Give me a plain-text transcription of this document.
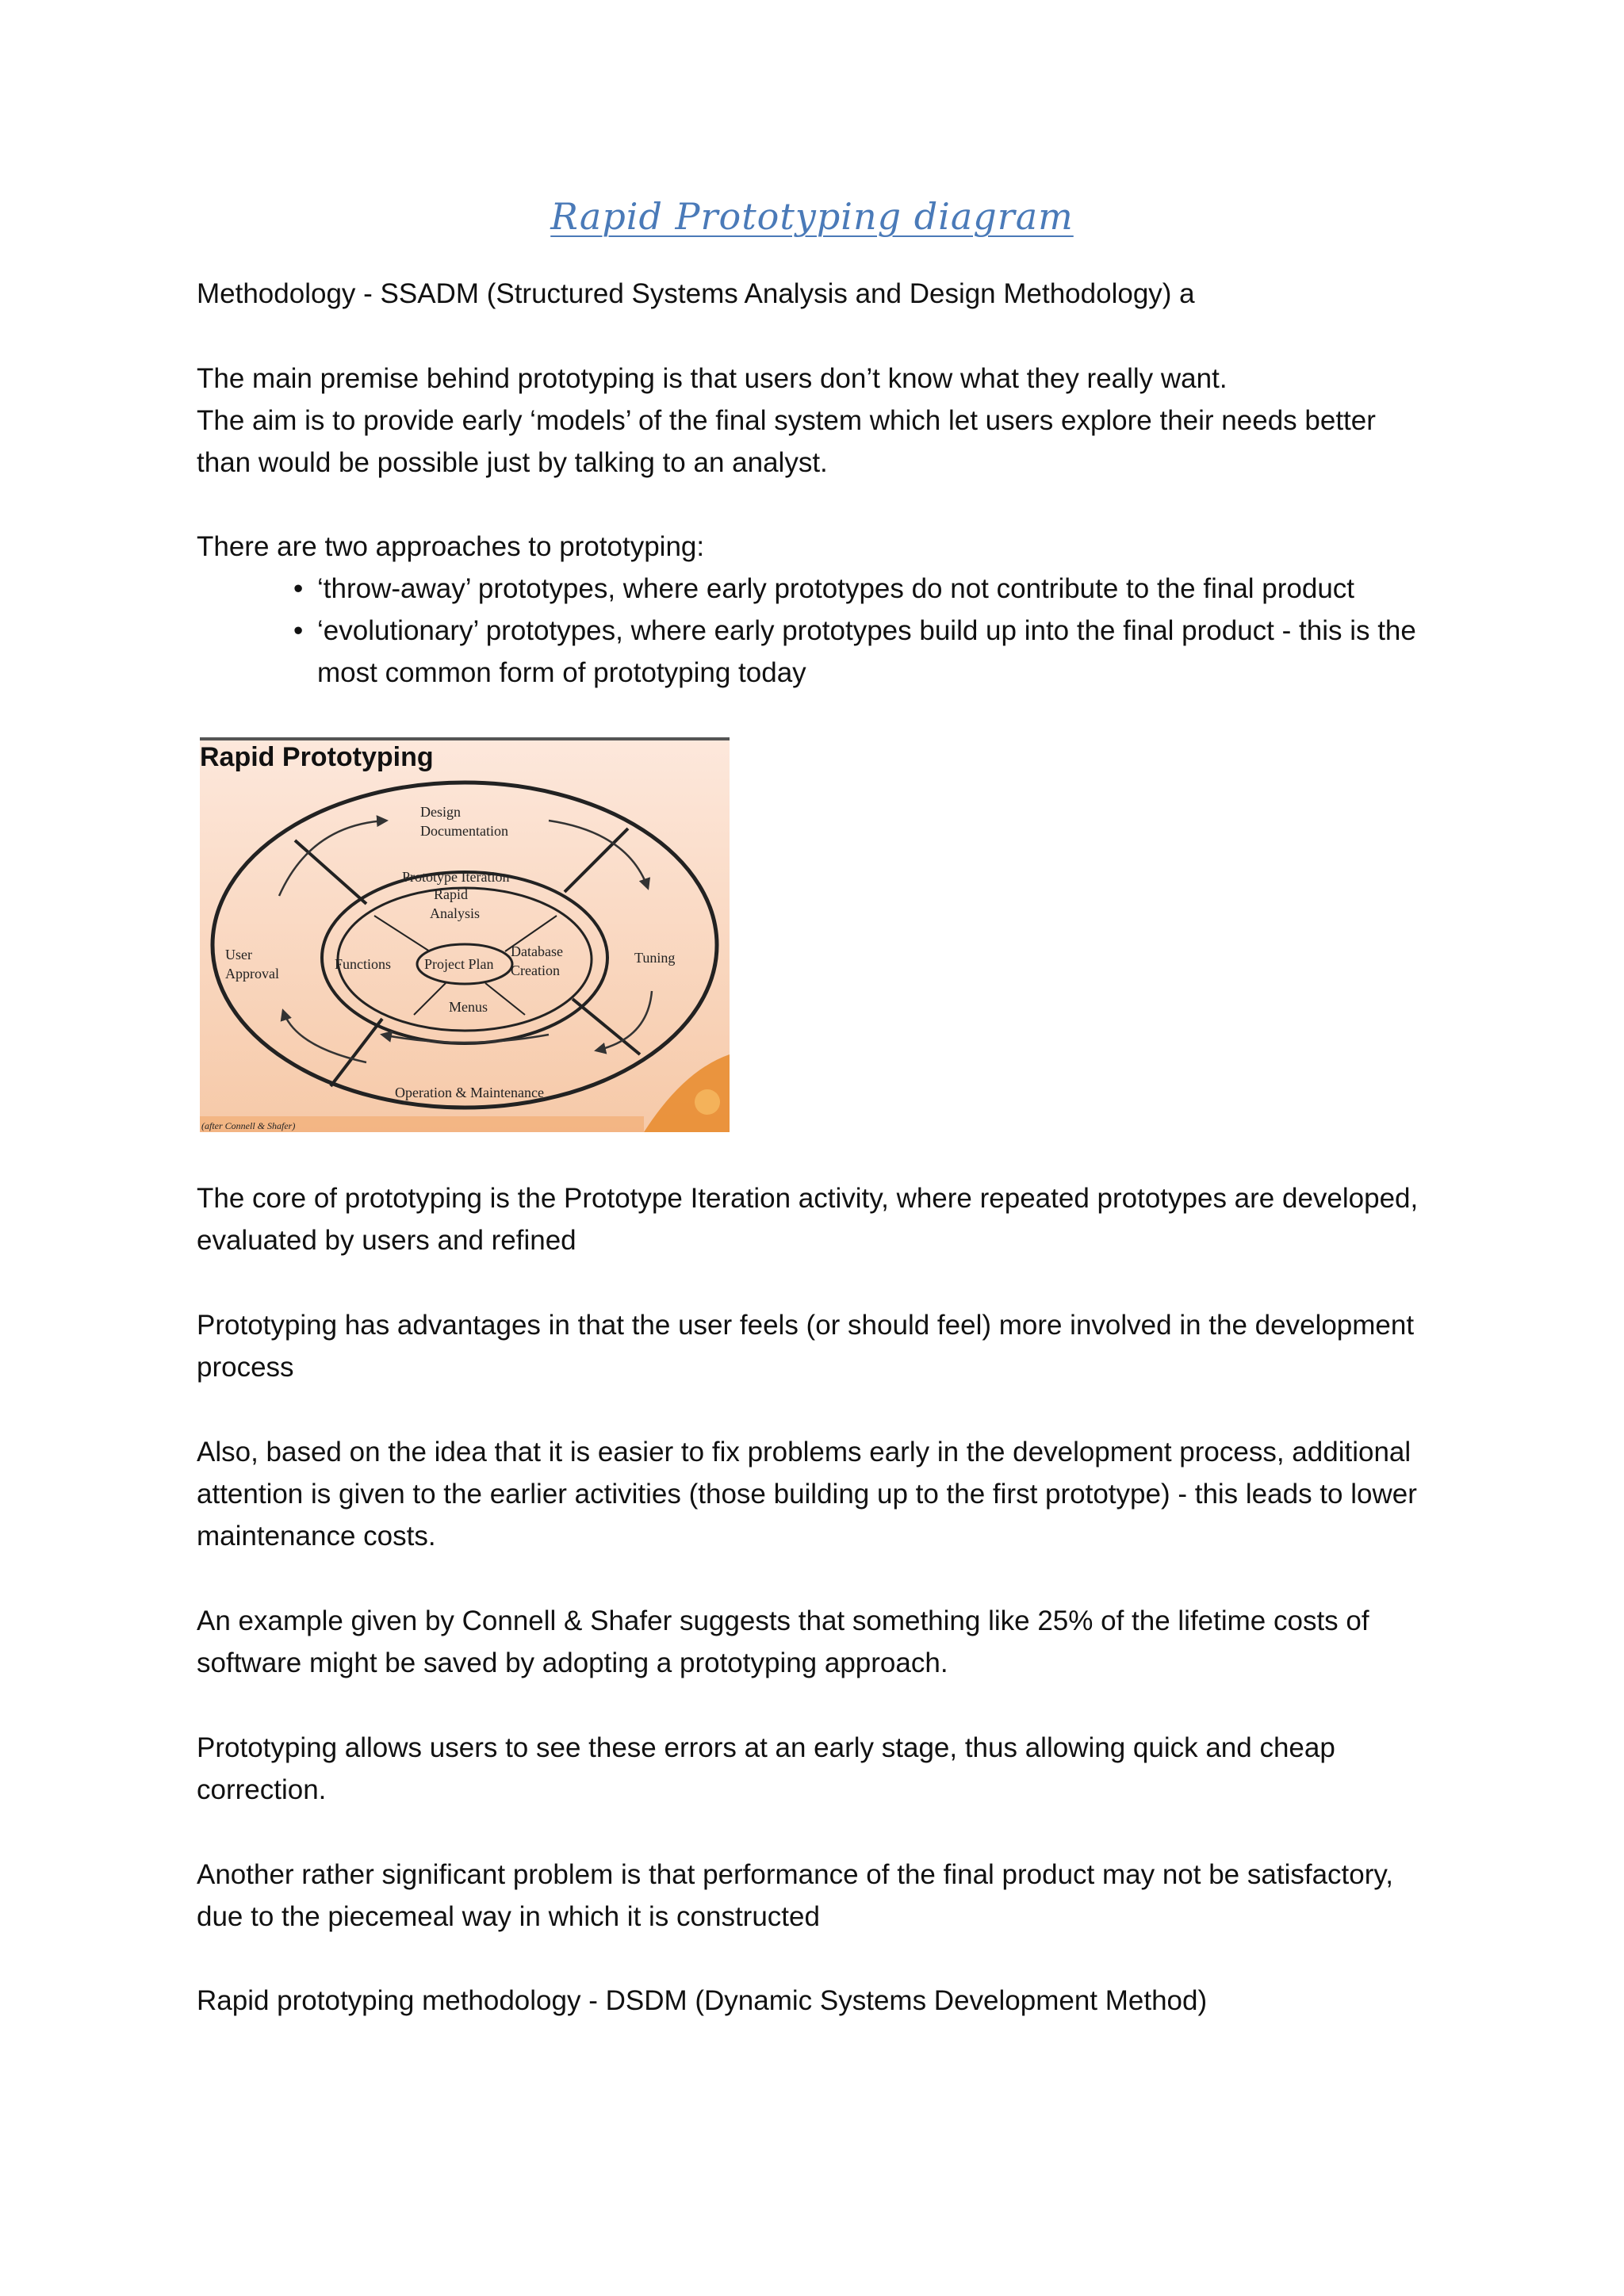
Rapid Prototyping diagram

Methodology - SSADM (Structured Systems Analysis and Design Methodology) a

The main premise behind prototyping is that users don’t know what they really want.

The aim is to provide early ‘models’ of the final system which let users explore their needs better than would be possible just by talking to an analyst.

There are two approaches to prototyping:

• ‘throw-away’ prototypes, where early prototypes do not contribute to the final product
• ‘evolutionary’ prototypes, where early prototypes build up into the final product - this is the most common form of prototyping today
Rapid Prototyping
Design
Documentation
Prototype Iteration
Rapid
Analysis
User
Approval
Functions Project Plan
Database
Creation
Tuning
Menus
Operation & Maintenance
(after Connell & Shafer)

The core of prototyping is the Prototype Iteration activity, where repeated prototypes are developed, evaluated by users and refined

Prototyping has advantages in that the user feels (or should feel) more involved in the development process

Also, based on the idea that it is easier to fix problems early in the development process, additional attention is given to the earlier activities (those building up to the first prototype) - this leads to lower maintenance costs.

An example given by Connell & Shafer suggests that something like 25% of the lifetime costs of software might be saved by adopting a prototyping approach.

Prototyping allows users to see these errors at an early stage, thus allowing quick and cheap correction.

Another rather significant problem is that performance of the final product may not be satisfactory, due to the piecemeal way in which it is constructed

Rapid prototyping methodology - DSDM (Dynamic Systems Development Method)
